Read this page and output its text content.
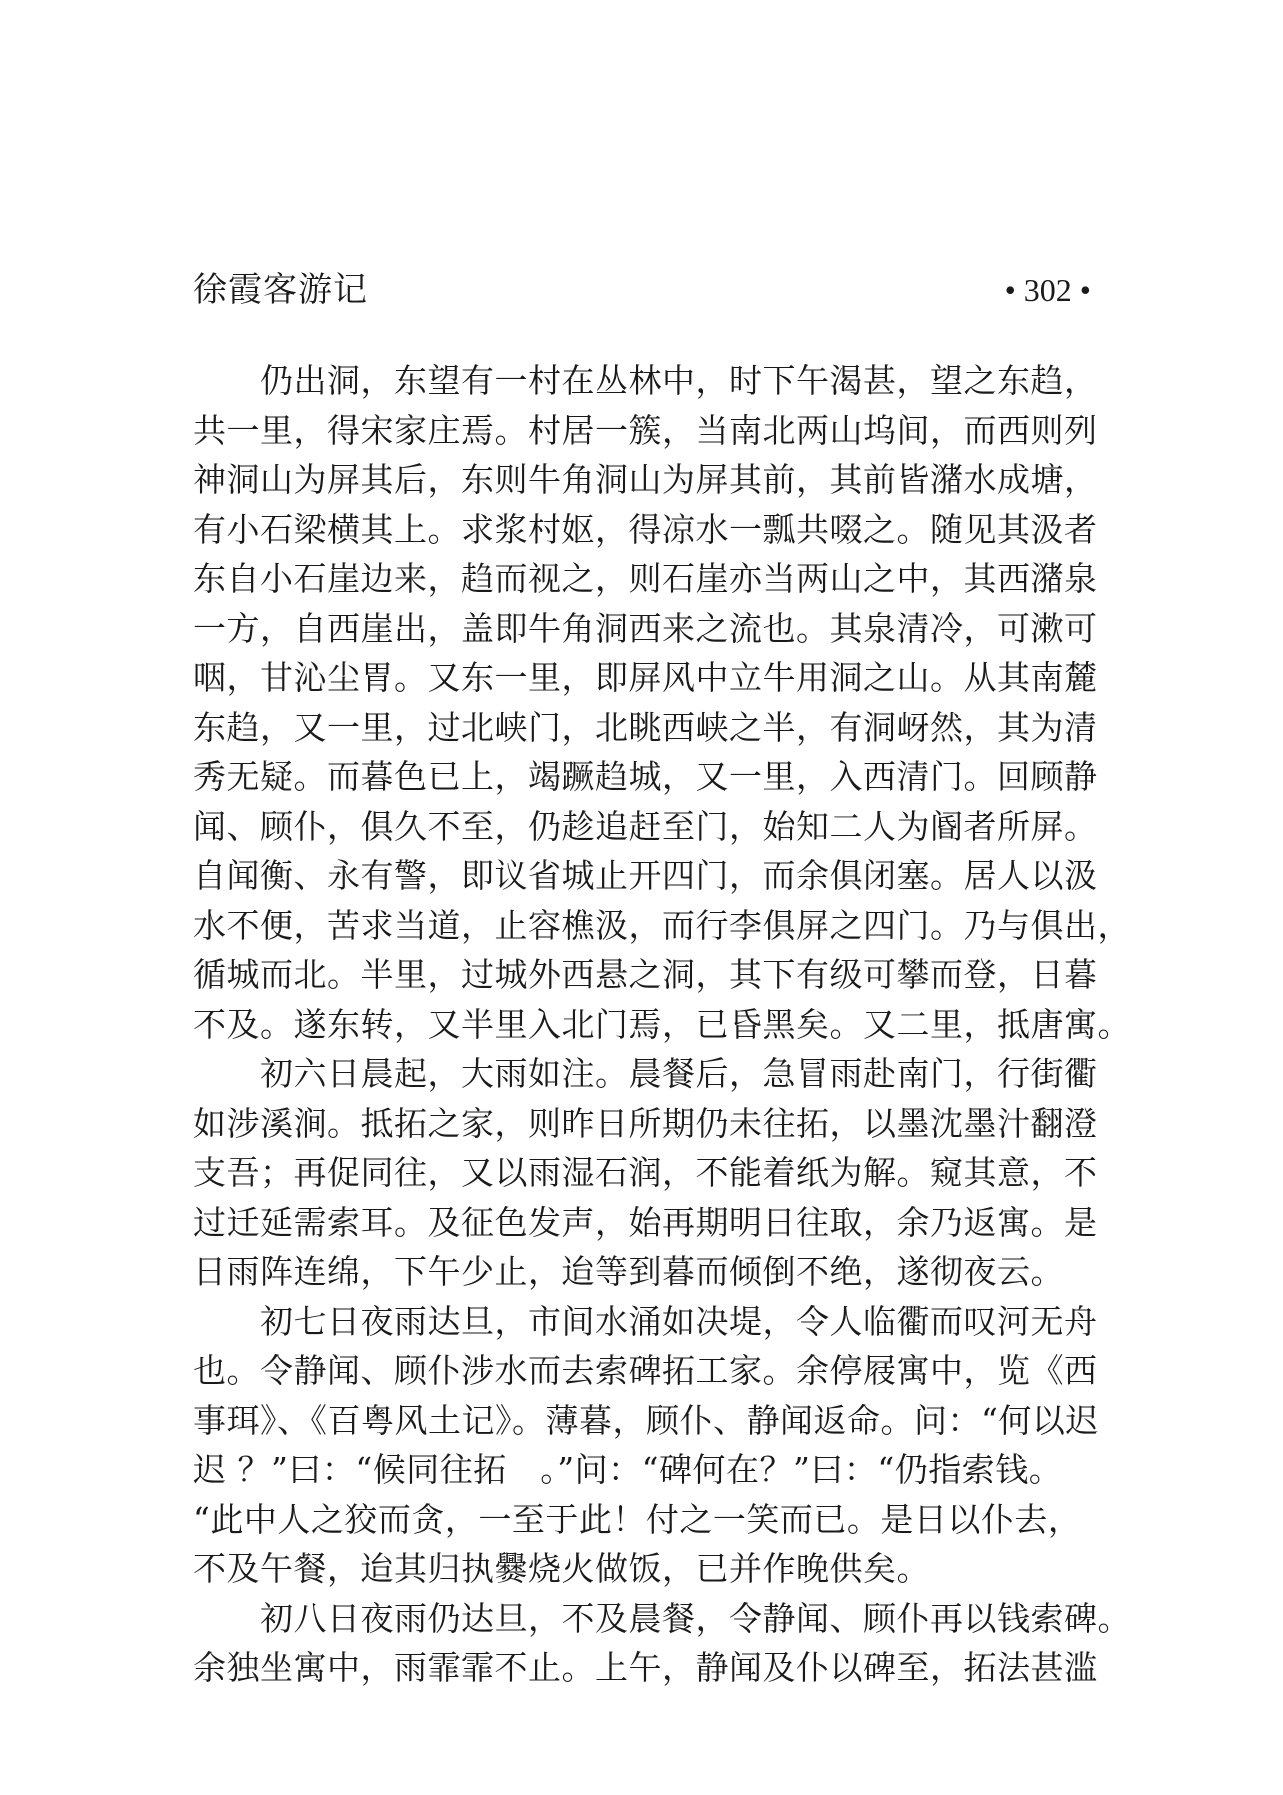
徐霞客游记	• 302 •
　　仍出洞，东望有一村在丛林中，时下午渴甚，望之东趋，
共一里，得宋家庄焉。村居一簇，当南北两山坞间，而西则列
神洞山为屏其后，东则牛角洞山为屏其前，其前皆潴水成塘，
有小石梁横其上。求浆村妪，得凉水一瓢共啜之。随见其汲者
东自小石崖边来，趋而视之，则石崖亦当两山之中，其西潴泉
一方，自西崖出，盖即牛角洞西来之流也。其泉清冷，可漱可
咽，甘沁尘胃。又东一里，即屏风中立牛用洞之山。从其南麓
东趋，又一里，过北峡门，北眺西峡之半，有洞岈然，其为清
秀无疑。而暮色已上，竭蹶趋城，又一里，入西清门。回顾静
闻、顾仆，俱久不至，仍趁追赶至门，始知二人为阍者所屏。
自闻衡、永有警，即议省城止开四门，而余俱闭塞。居人以汲
水不便，苦求当道，止容樵汲，而行李俱屏之四门。乃与俱出，
循城而北。半里，过城外西悬之洞，其下有级可攀而登，日暮
不及。遂东转，又半里入北门焉，已昏黑矣。又二里，抵唐寓。
　　初六日晨起，大雨如注。晨餐后，急冒雨赴南门，行街衢
如涉溪涧。抵拓之家，则昨日所期仍未往拓，以墨沈墨汁翻澄
支吾；再促同往，又以雨湿石润，不能着纸为解。窥其意，不
过迁延需索耳。及征色发声，始再期明日往取，余乃返寓。是
日雨阵连绵，下午少止，迨等到暮而倾倒不绝，遂彻夜云。
　　初七日夜雨达旦，市间水涌如决堤，令人临衢而叹河无舟
也。令静闻、顾仆涉水而去索碑拓工家。余停屐寓中，览《西
事珥》、《百粤风土记》。薄暮，顾仆、静闻返命。问：“何以迟
迟 ？”曰：“候同往拓　。”问：“碑何在？”曰：“仍指索钱。
“此中人之狡而贪，一至于此！付之一笑而已。是日以仆去，
不及午餐，迨其归执爨烧火做饭，已并作晚供矣。
　　初八日夜雨仍达旦，不及晨餐，令静闻、顾仆再以钱索碑。
余独坐寓中，雨霏霏不止。上午，静闻及仆以碑至，拓法甚滥
